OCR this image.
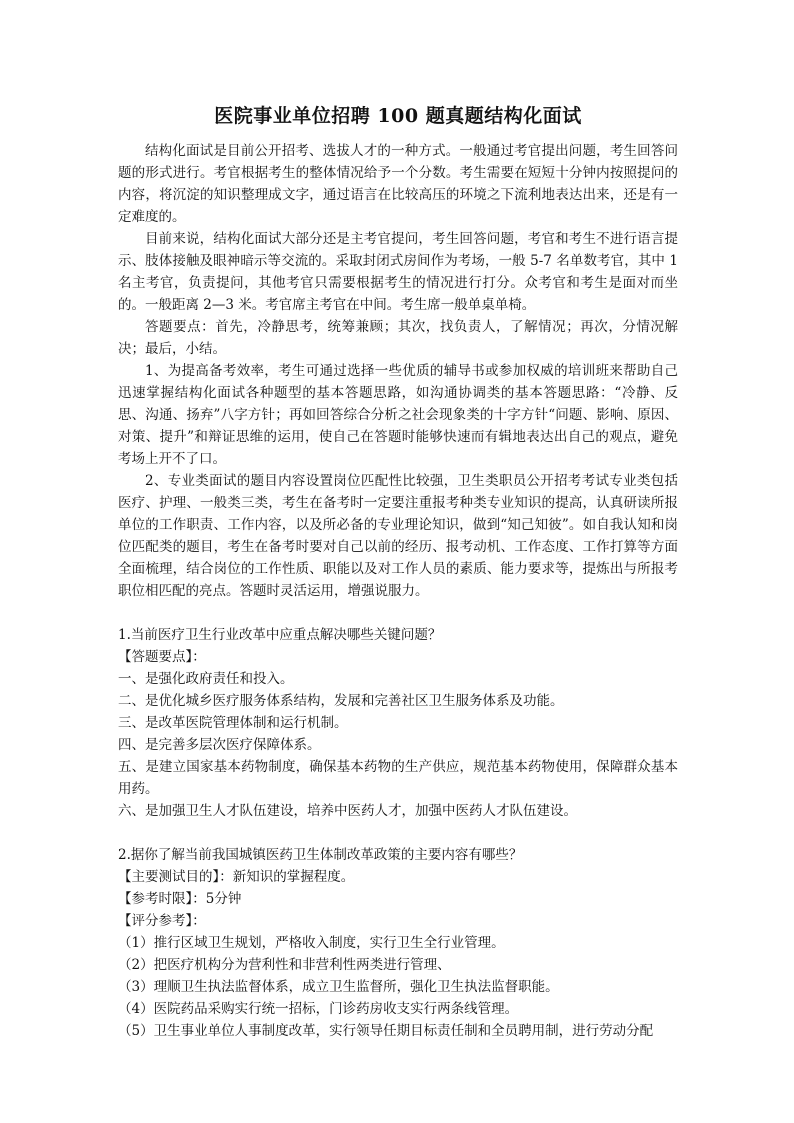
医院事业单位招聘 100 题真题结构化面试

结构化面试是目前公开招考、选拔人才的一种方式。一般通过考官提出问题，考生回答问题的形式进行。考官根据考生的整体情况给予一个分数。考生需要在短短十分钟内按照提问的内容，将沉淀的知识整理成文字，通过语言在比较高压的环境之下流利地表达出来，还是有一定难度的。

目前来说，结构化面试大部分还是主考官提问，考生回答问题，考官和考生不进行语言提示、肢体接触及眼神暗示等交流的。采取封闭式房间作为考场，一般 5-7 名单数考官，其中 1 名主考官，负责提问，其他考官只需要根据考生的情况进行打分。众考官和考生是面对而坐的。一般距离 2—3 米。考官席主考官在中间。考生席一般单桌单椅。

答题要点：首先，冷静思考，统筹兼顾；其次，找负责人，了解情况；再次，分情况解决；最后，小结。

1、为提高备考效率，考生可通过选择一些优质的辅导书或参加权威的培训班来帮助自己迅速掌握结构化面试各种题型的基本答题思路，如沟通协调类的基本答题思路：“冷静、反思、沟通、扬弃”八字方针；再如回答综合分析之社会现象类的十字方针“问题、影响、原因、对策、提升”和辩证思维的运用，使自己在答题时能够快速而有辑地表达出自己的观点，避免考场上开不了口。

2、专业类面试的题目内容设置岗位匹配性比较强，卫生类职员公开招考考试专业类包括医疗、护理、一般类三类，考生在备考时一定要注重报考种类专业知识的提高，认真研读所报单位的工作职责、工作内容，以及所必备的专业理论知识，做到“知己知彼”。如自我认知和岗位匹配类的题目，考生在备考时要对自己以前的经历、报考动机、工作态度、工作打算等方面全面梳理，结合岗位的工作性质、职能以及对工作人员的素质、能力要求等，提炼出与所报考职位相匹配的亮点。答题时灵活运用，增强说服力。

1.当前医疗卫生行业改革中应重点解决哪些关键问题？

【答题要点】：

一、是强化政府责任和投入。

二、是优化城乡医疗服务体系结构，发展和完善社区卫生服务体系及功能。

三、是改革医院管理体制和运行机制。

四、是完善多层次医疗保障体系。

五、是建立国家基本药物制度，确保基本药物的生产供应，规范基本药物使用，保障群众基本用药。

六、是加强卫生人才队伍建设，培养中医药人才，加强中医药人才队伍建设。

2.据你了解当前我国城镇医药卫生体制改革政策的主要内容有哪些？

【主要测试目的】：新知识的掌握程度。

【参考时限】：5分钟

【评分参考】：

（1）推行区域卫生规划，严格收入制度，实行卫生全行业管理。

（2）把医疗机构分为营利性和非营利性两类进行管理、

（3）理顺卫生执法监督体系，成立卫生监督所，强化卫生执法监督职能。

（4）医院药品采购实行统一招标，门诊药房收支实行两条线管理。

（5）卫生事业单位人事制度改革，实行领导任期目标责任制和全员聘用制，进行劳动分配
